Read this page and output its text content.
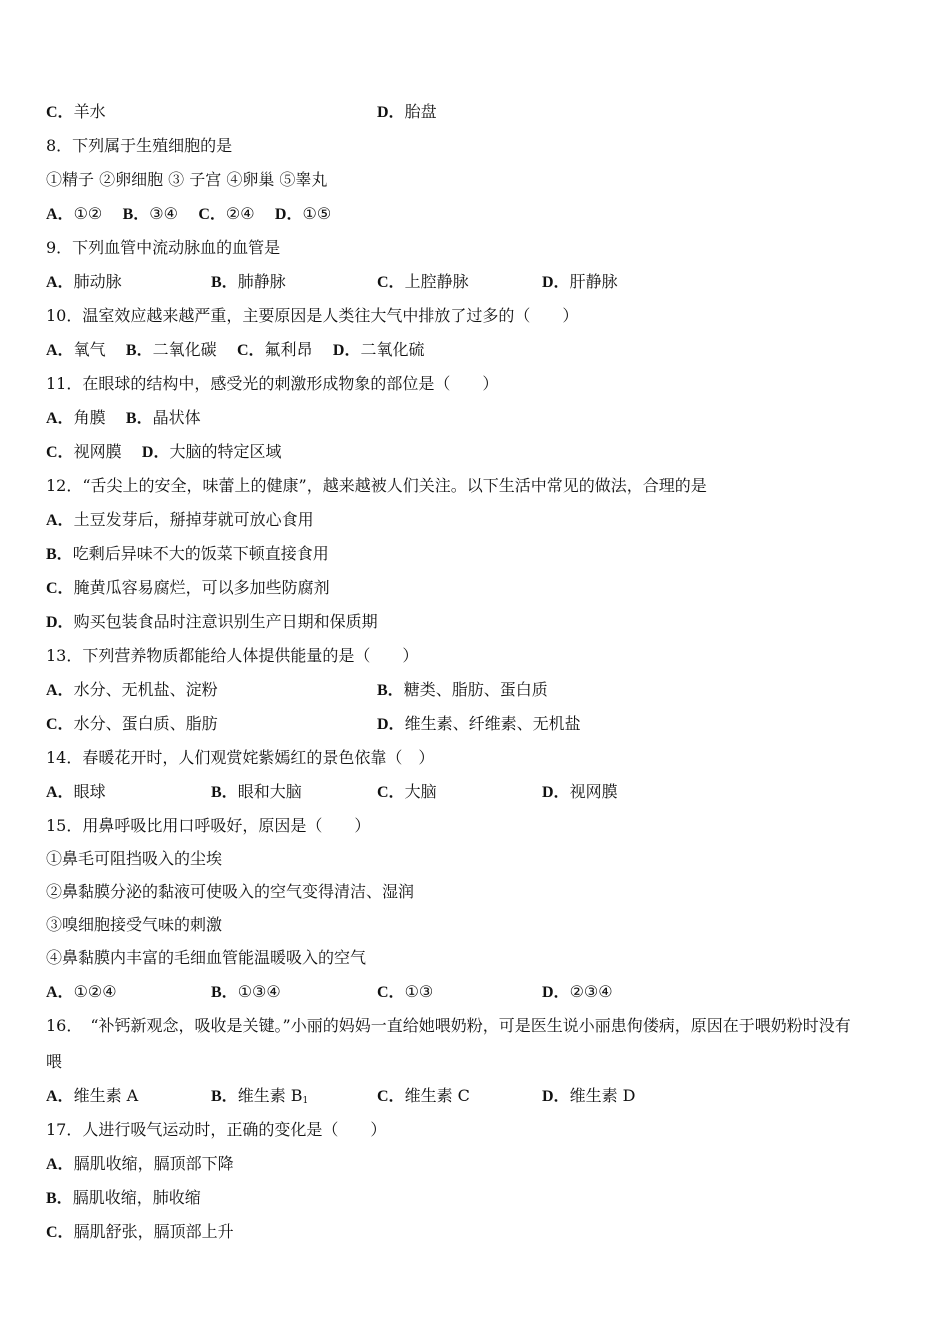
C．羊水	D．胎盘
8．下列属于生殖细胞的是
①精子 ②卵细胞 ③ 子宫 ④卵巢 ⑤睾丸
A．①② B．③④ C．②④ D．①⑤
9．下列血管中流动脉血的血管是
A．肺动脉	B．肺静脉	C．上腔静脉	D．肝静脉
10．温室效应越来越严重，主要原因是人类往大气中排放了过多的（　　）
A．氧气 B．二氧化碳 C．氟利昂 D．二氧化硫
11．在眼球的结构中，感受光的刺激形成物象的部位是（　　）
A．角膜 B．晶状体
C．视网膜 D．大脑的特定区域
12．“舌尖上的安全，味蕾上的健康”，越来越被人们关注。以下生活中常见的做法，合理的是
A．土豆发芽后，掰掉芽就可放心食用
B．吃剩后异味不大的饭菜下顿直接食用
C．腌黄瓜容易腐烂，可以多加些防腐剂
D．购买包装食品时注意识别生产日期和保质期
13．下列营养物质都能给人体提供能量的是（　　）
A．水分、无机盐、淀粉	B．糖类、脂肪、蛋白质
C．水分、蛋白质、脂肪	D．维生素、纤维素、无机盐
14．春暖花开时，人们观赏姹紫嫣红的景色依靠（　）
A．眼球	B．眼和大脑	C．大脑	D．视网膜
15．用鼻呼吸比用口呼吸好，原因是（　　）
①鼻毛可阻挡吸入的尘埃
②鼻黏膜分泌的黏液可使吸入的空气变得清洁、湿润
③嗅细胞接受气味的刺激
④鼻黏膜内丰富的毛细血管能温暖吸入的空气
A．①②④	B．①③④	C．①③	D．②③④
16．　“补钙新观念，吸收是关键。”小丽的妈妈一直给她喂奶粉，可是医生说小丽患佝偻病，原因在于喂奶粉时没有
喂
A．维生素 A	B．维生素 $B_1$	C．维生素 C	D．维生素 D
17．人进行吸气运动时，正确的变化是（　　）
A．膈肌收缩，膈顶部下降
B．膈肌收缩，肺收缩
C．膈肌舒张，膈顶部上升
